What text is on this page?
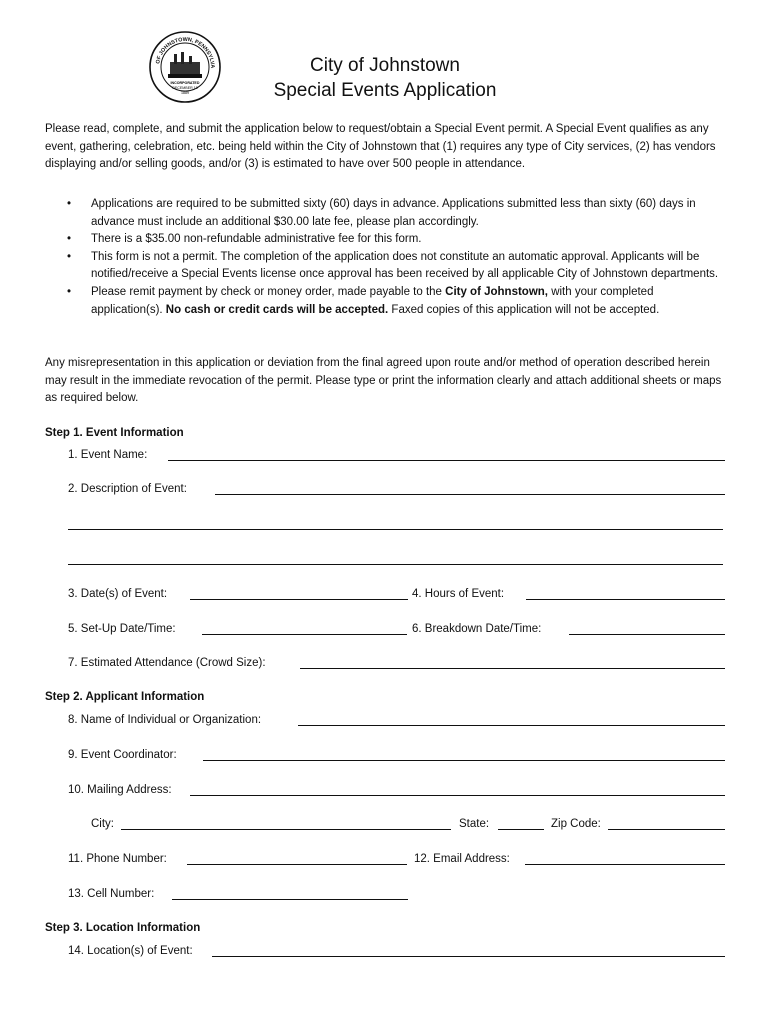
OF JOHNSTOWN, PENNSYLVA
INCORPORATED
DECEMBER 18
1889
City of Johnstown
Special Events Application
Please read, complete, and submit the application below to request/obtain a Special Event permit. A Special Event qualifies as any event, gathering, celebration, etc. being held within the City of Johnstown that (1) requires any type of City services, (2) has vendors displaying and/or selling goods, and/or (3) is estimated to have over 500 people in attendance.
• Applications are required to be submitted sixty (60) days in advance. Applications submitted less than sixty (60) days in advance must include an additional $30.00 late fee, please plan accordingly.
• There is a $35.00 non-refundable administrative fee for this form.
• This form is not a permit. The completion of the application does not constitute an automatic approval. Applicants will be notified/receive a Special Events license once approval has been received by all applicable City of Johnstown departments.
• Please remit payment by check or money order, made payable to the City of Johnstown, with your completed application(s). No cash or credit cards will be accepted. Faxed copies of this application will not be accepted.
Any misrepresentation in this application or deviation from the final agreed upon route and/or method of operation described herein may result in the immediate revocation of the permit. Please type or print the information clearly and attach additional sheets or maps as required below.
Step 1. Event Information
1. Event Name:
2. Description of Event:
3. Date(s) of Event:	4. Hours of Event:
5. Set-Up Date/Time:	6. Breakdown Date/Time:
7. Estimated Attendance (Crowd Size):
Step 2. Applicant Information
8. Name of Individual or Organization:
9. Event Coordinator:
10. Mailing Address:
City:	State:	Zip Code:
11. Phone Number:	12. Email Address:
13. Cell Number:
Step 3. Location Information
14. Location(s) of Event:
